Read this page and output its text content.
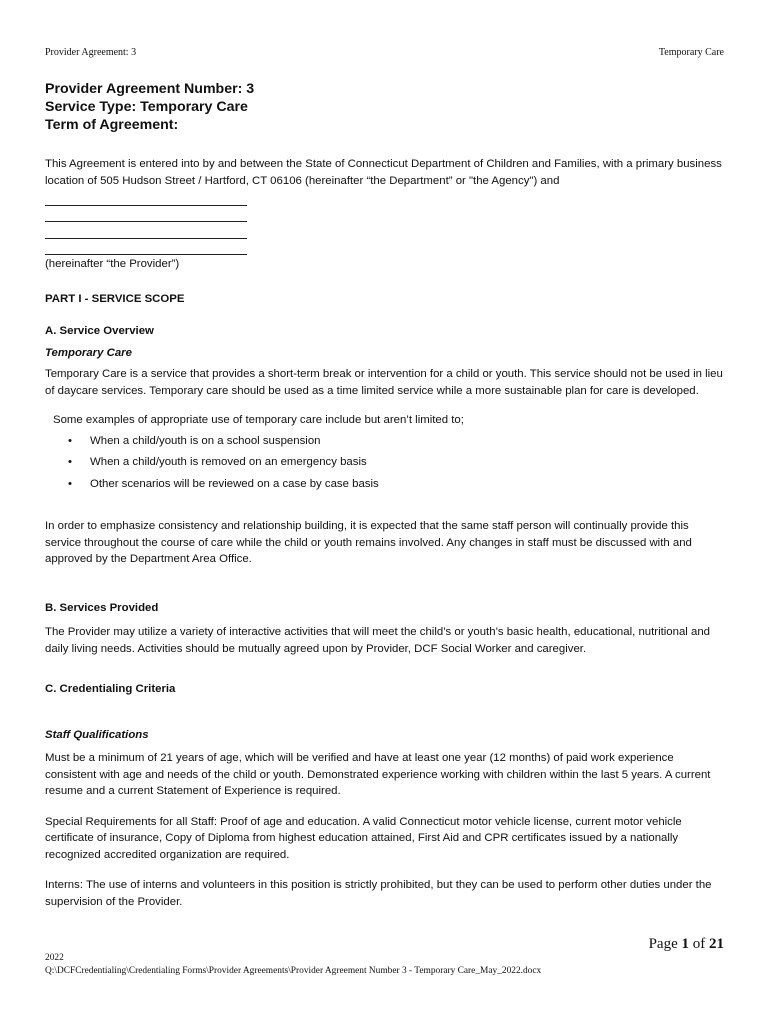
Provider Agreement: 3	Temporary Care
Provider Agreement Number: 3
Service Type: Temporary Care
Term of Agreement:

This Agreement is entered into by and between the State of Connecticut Department of Children and Families, with a primary business location of 505 Hudson Street / Hartford, CT 06106 (hereinafter “the Department” or "the Agency") and

(hereinafter “the Provider”)

PART I - SERVICE SCOPE

A. Service Overview

Temporary Care

Temporary Care is a service that provides a short-term break or intervention for a child or youth. This service should not be used in lieu of daycare services. Temporary care should be used as a time limited service while a more sustainable plan for care is developed.

Some examples of appropriate use of temporary care include but aren’t limited to;

• When a child/youth is on a school suspension
• When a child/youth is removed on an emergency basis
• Other scenarios will be reviewed on a case by case basis

In order to emphasize consistency and relationship building, it is expected that the same staff person will continually provide this service throughout the course of care while the child or youth remains involved. Any changes in staff must be discussed with and approved by the Department Area Office.

B. Services Provided

The Provider may utilize a variety of interactive activities that will meet the child’s or youth’s basic health, educational, nutritional and daily living needs. Activities should be mutually agreed upon by Provider, DCF Social Worker and caregiver.

C. Credentialing Criteria

Staff Qualifications

Must be a minimum of 21 years of age, which will be verified and have at least one year (12 months) of paid work experience consistent with age and needs of the child or youth. Demonstrated experience working with children within the last 5 years. A current resume and a current Statement of Experience is required.

Special Requirements for all Staff: Proof of age and education. A valid Connecticut motor vehicle license, current motor vehicle certificate of insurance, Copy of Diploma from highest education attained, First Aid and CPR certificates issued by a nationally recognized accredited organization are required.

Interns: The use of interns and volunteers in this position is strictly prohibited, but they can be used to perform other duties under the supervision of the Provider.

Page 1 of 21
2022
Q:\DCFCredentialing\Credentialing Forms\Provider Agreements\Provider Agreement Number 3 - Temporary Care_May_2022.docx
